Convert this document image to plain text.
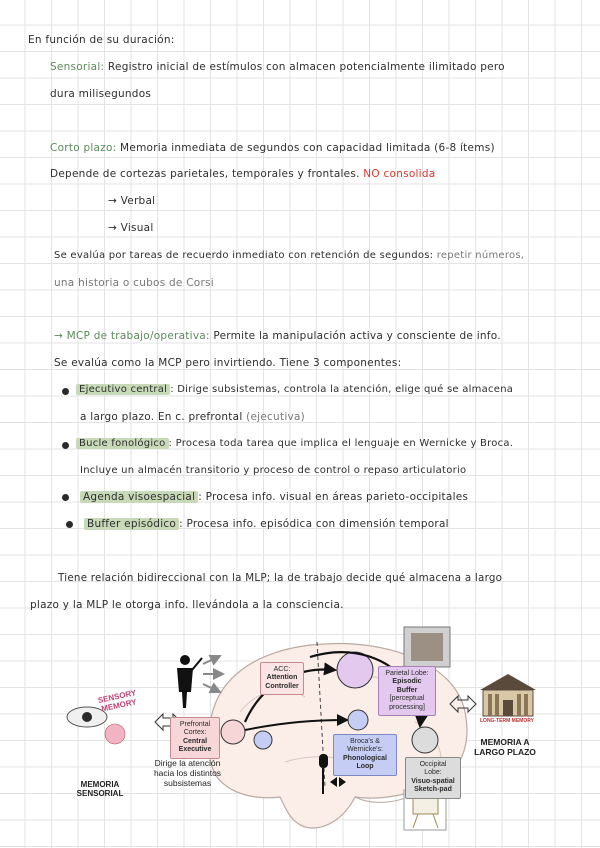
En función de su duración:
Sensorial: Registro inicial de estímulos con almacen potencialmente ilimitado pero
dura milisegundos
Corto plazo: Memoria inmediata de segundos con capacidad limitada (6-8 ítems)
Depende de cortezas parietales, temporales y frontales. NO consolida
→ Verbal
→ Visual
Se evalúa por tareas de recuerdo inmediato con retención de segundos: repetir números,
una historia o cubos de Corsi
→ MCP de trabajo/operativa: Permite la manipulación activa y consciente de info.
Se evalúa como la MCP pero invirtiendo. Tiene 3 componentes:
Ejecutivo central : Dirige subsistemas, controla la atención, elige qué se almacena
a largo plazo. En c. prefrontal (ejecutiva)
Bucle fonológico : Procesa toda tarea que implica el lenguaje en Wernicke y Broca.
Incluye un almacén transitorio y proceso de control o repaso articulatorio
Agenda visoespacial : Procesa info. visual en áreas parieto-occipitales
Buffer episódico : Procesa info. episódica con dimensión temporal
Tiene relación bidireccional con la MLP; la de trabajo decide qué almacena a largo
plazo y la MLP le otorga info. llevándola a la consciencia.
Prefrontal Cortex:
Central Executive
ACC:
Attention Controller
Parietal Lobe:
Episodic Buffer
[perceptual processing]
Broca's & Wernicke's:
Phonological Loop	Occipital Lobe:
Visuo-spatial Sketch-pad
SENSORY MEMORY
LONG-TERM MEMORY
Dirige la atención hacia los distintos subsistemas
MEMORIA SENSORIAL
MEMORIA A LARGO PLAZO
